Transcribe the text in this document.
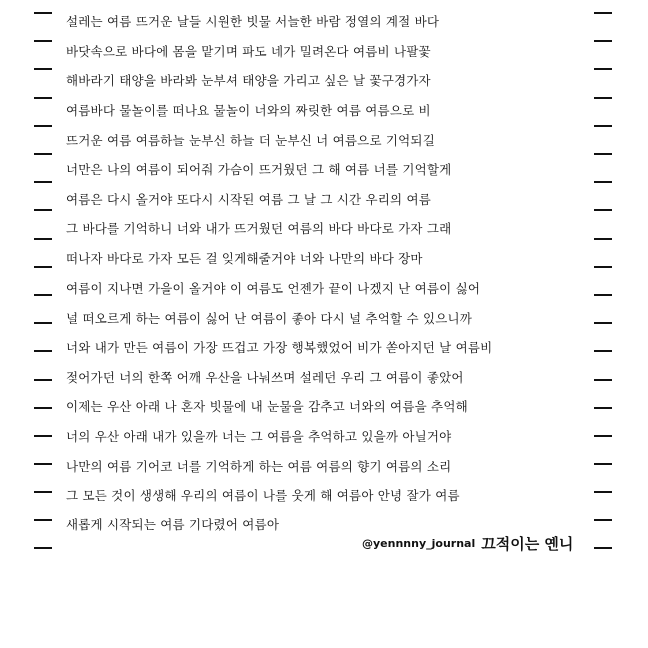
설레는 여름 뜨거운 날들 시원한 빗물 서늘한 바람 정열의 계절 바다
바닷속으로 바다에 몸을 맡기며 파도 네가 밀려온다 여름비 나팔꽃
해바라기 태양을 바라봐 눈부셔 태양을 가리고 싶은 날 꽃구경가자
여름바다 물놀이를 떠나요 물놀이 너와의 짜릿한 여름 여름으로 비
뜨거운 여름 여름하늘 눈부신 하늘 더 눈부신 너 여름으로 기억되길
너만은 나의 여름이 되어줘 가슴이 뜨거웠던 그 해 여름 너를 기억할게
여름은 다시 올거야 또다시 시작된 여름 그 날 그 시간 우리의 여름
그 바다를 기억하니 너와 내가 뜨거웠던 여름의 바다 바다로 가자 그래
떠나자 바다로 가자 모든 걸 잊게해줄거야 너와 나만의 바다 장마
여름이 지나면 가을이 올거야 이 여름도 언젠가 끝이 나겠지 난 여름이 싫어
널 떠오르게 하는 여름이 싫어 난 여름이 좋아 다시 널 추억할 수 있으니까
너와 내가 만든 여름이 가장 뜨겁고 가장 행복했었어 비가 쏟아지던 날 여름비
젖어가던 너의 한쪽 어깨 우산을 나눠쓰며 설레던 우리 그 여름이 좋았어
이제는 우산 아래 나 혼자 빗물에 내 눈물을 감추고 너와의 여름을 추억해
너의 우산 아래 내가 있을까 너는 그 여름을 추억하고 있을까 아닐거야
나만의 여름 기어코 너를 기억하게 하는 여름 여름의 향기 여름의 소리
그 모든 것이 생생해 우리의 여름이 나를 웃게 해 여름아 안녕 잘가 여름
새롭게 시작되는 여름 기다렸어 여름아
@yennnny_journal 끄적이는 옌니
